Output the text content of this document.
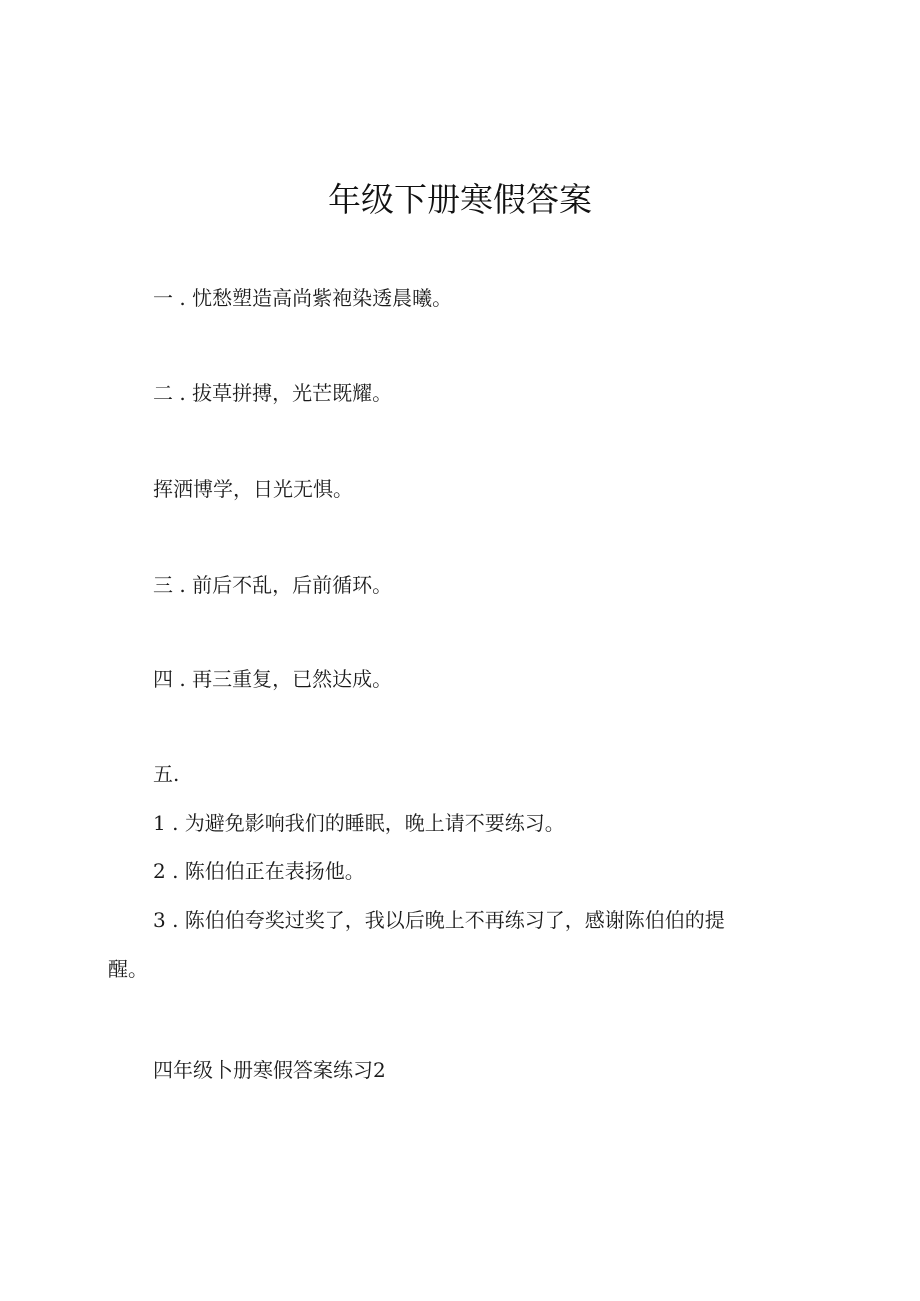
年级下册寒假答案
一 . 忧愁塑造高尚紫袍染透晨曦。
二 . 拔草拼搏，光芒既耀。
挥洒博学，日光无惧。
三 . 前后不乱，后前循环。
四 . 再三重复，已然达成。
五.
1 . 为避免影响我们的睡眠，晚上请不要练习。
2 . 陈伯伯正在表扬他。
3 . 陈伯伯夸奖过奖了，我以后晚上不再练习了，感谢陈伯伯的提
醒。
四年级卜册寒假答案练习2
